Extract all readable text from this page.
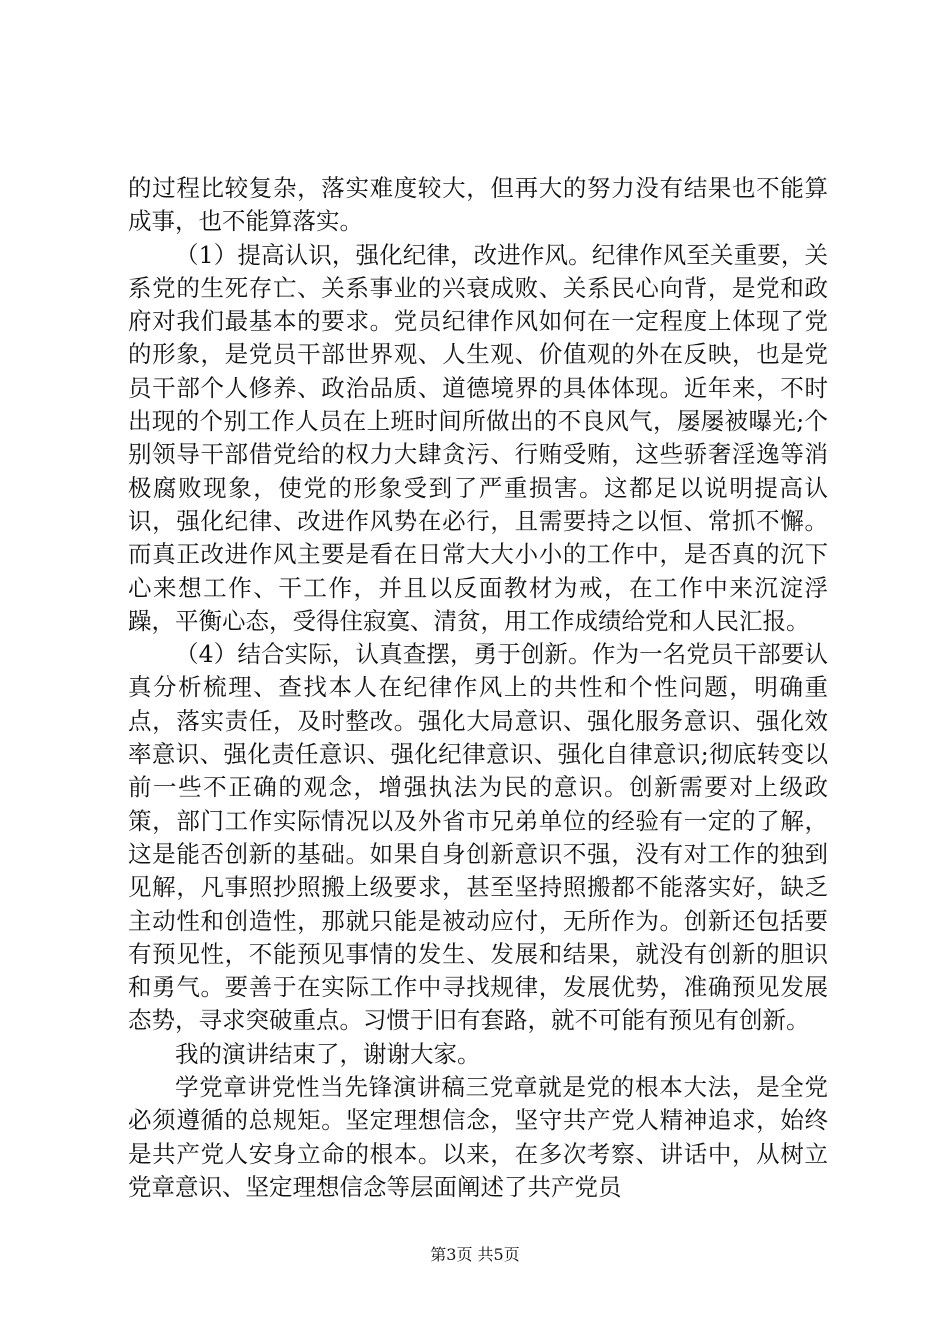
的过程比较复杂，落实难度较大，但再大的努力没有结果也不能算成事，也不能算落实。

（1）提高认识，强化纪律，改进作风。纪律作风至关重要，关系党的生死存亡、关系事业的兴衰成败、关系民心向背，是党和政府对我们最基本的要求。党员纪律作风如何在一定程度上体现了党的形象，是党员干部世界观、人生观、价值观的外在反映，也是党员干部个人修养、政治品质、道德境界的具体体现。近年来，不时出现的个别工作人员在上班时间所做出的不良风气，屡屡被曝光;个别领导干部借党给的权力大肆贪污、行贿受贿，这些骄奢淫逸等消极腐败现象，使党的形象受到了严重损害。这都足以说明提高认识，强化纪律、改进作风势在必行，且需要持之以恒、常抓不懈。而真正改进作风主要是看在日常大大小小的工作中，是否真的沉下心来想工作、干工作，并且以反面教材为戒，在工作中来沉淀浮躁，平衡心态，受得住寂寞、清贫，用工作成绩给党和人民汇报。

（4）结合实际，认真查摆，勇于创新。作为一名党员干部要认真分析梳理、查找本人在纪律作风上的共性和个性问题，明确重点，落实责任，及时整改。强化大局意识、强化服务意识、强化效率意识、强化责任意识、强化纪律意识、强化自律意识;彻底转变以前一些不正确的观念，增强执法为民的意识。创新需要对上级政策，部门工作实际情况以及外省市兄弟单位的经验有一定的了解，这是能否创新的基础。如果自身创新意识不强，没有对工作的独到见解，凡事照抄照搬上级要求，甚至坚持照搬都不能落实好，缺乏主动性和创造性，那就只能是被动应付，无所作为。创新还包括要有预见性，不能预见事情的发生、发展和结果，就没有创新的胆识和勇气。要善于在实际工作中寻找规律，发展优势，准确预见发展态势，寻求突破重点。习惯于旧有套路，就不可能有预见有创新。

我的演讲结束了，谢谢大家。

学党章讲党性当先锋演讲稿三党章就是党的根本大法，是全党必须遵循的总规矩。坚定理想信念，坚守共产党人精神追求，始终是共产党人安身立命的根本。以来，在多次考察、讲话中，从树立党章意识、坚定理想信念等层面阐述了共产党员

第3页 共5页
